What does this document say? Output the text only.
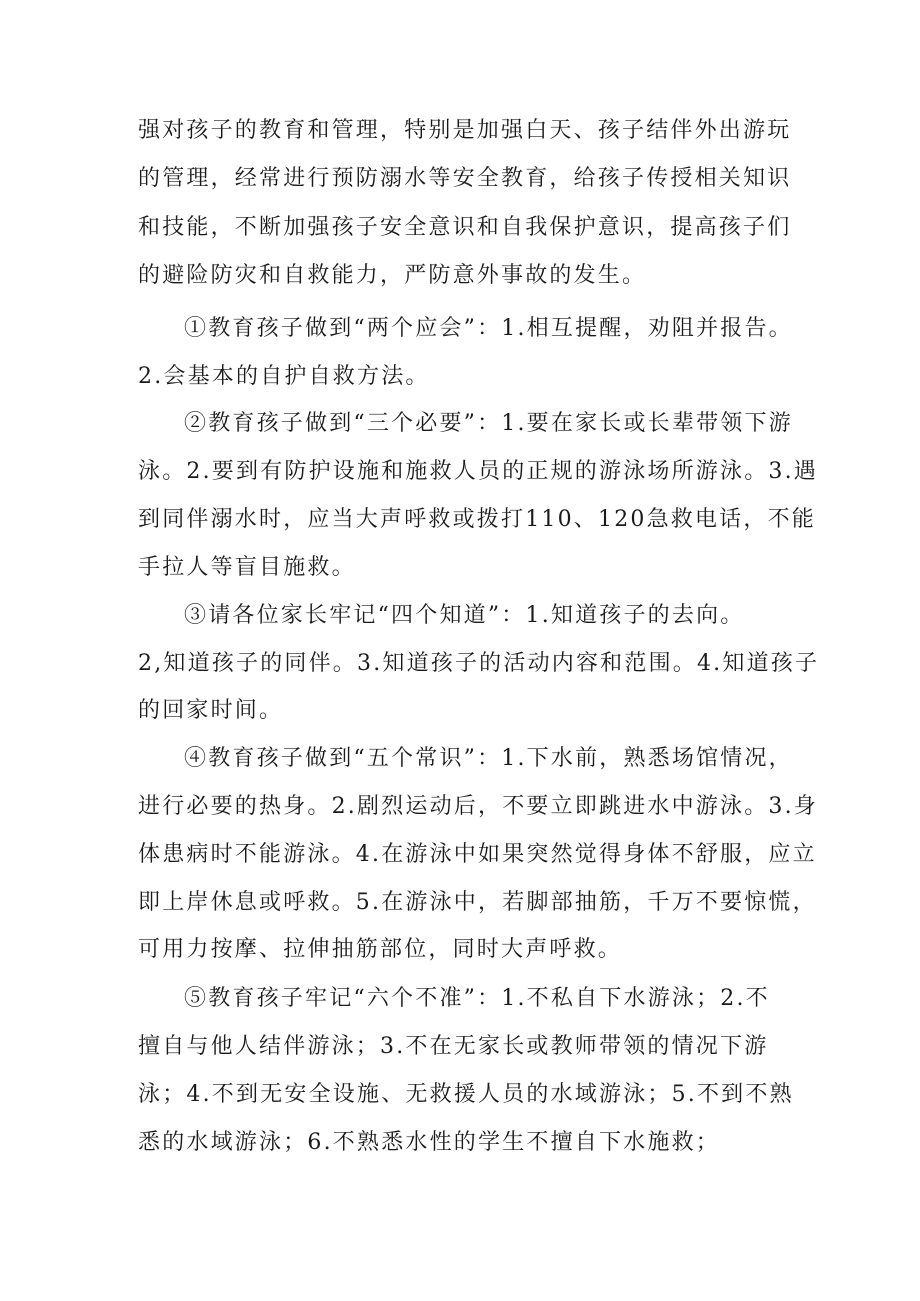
强对孩子的教育和管理，特别是加强白天、孩子结伴外出游玩

的管理，经常进行预防溺水等安全教育，给孩子传授相关知识

和技能，不断加强孩子安全意识和自我保护意识，提高孩子们

的避险防灾和自救能力，严防意外事故的发生。

①教育孩子做到“两个应会”：1.相互提醒，劝阻并报告。

2.会基本的自护自救方法。

②教育孩子做到“三个必要”：1.要在家长或长辈带领下游

泳。2.要到有防护设施和施救人员的正规的游泳场所游泳。3.遇

到同伴溺水时，应当大声呼救或拨打110、120急救电话，不能

手拉人等盲目施救。

③请各位家长牢记“四个知道”：1.知道孩子的去向。

2,知道孩子的同伴。3.知道孩子的活动内容和范围。4.知道孩子

的回家时间。

④教育孩子做到“五个常识”：1.下水前，熟悉场馆情况，

进行必要的热身。2.剧烈运动后，不要立即跳进水中游泳。3.身

体患病时不能游泳。4.在游泳中如果突然觉得身体不舒服，应立

即上岸休息或呼救。5.在游泳中，若脚部抽筋，千万不要惊慌，

可用力按摩、拉伸抽筋部位，同时大声呼救。

⑤教育孩子牢记“六个不准”：1.不私自下水游泳；2.不

擅自与他人结伴游泳；3.不在无家长或教师带领的情况下游

泳；4.不到无安全设施、无救援人员的水域游泳；5.不到不熟

悉的水域游泳；6.不熟悉水性的学生不擅自下水施救；
